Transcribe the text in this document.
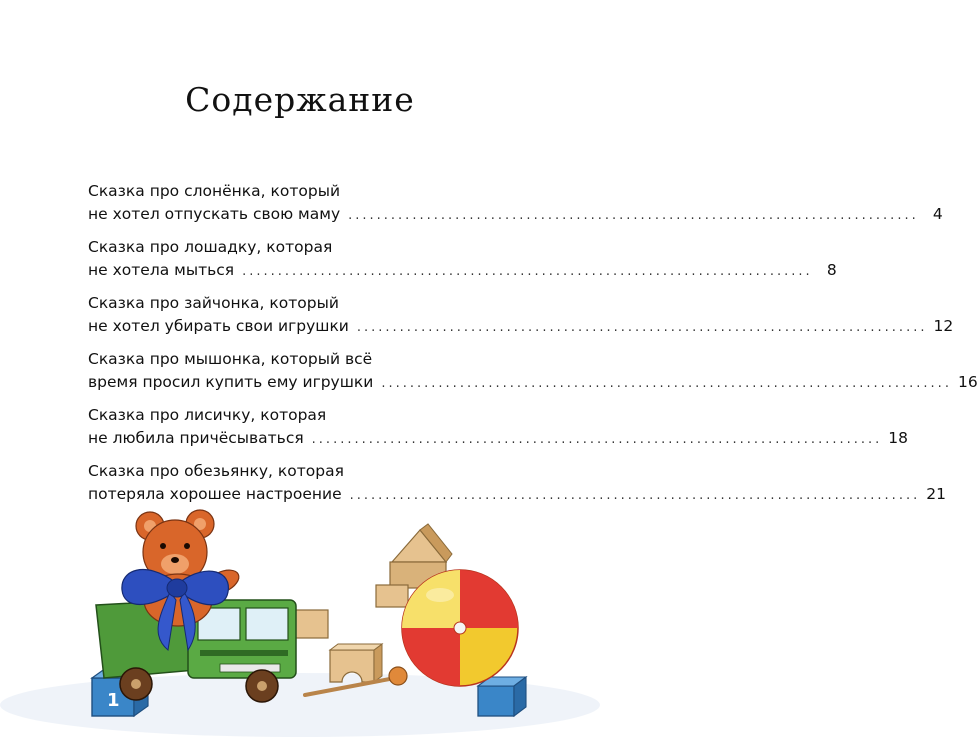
Содержание
Сказка про слонёнка, который
не хотел отпускать свою маму ................................................................................ 4
Сказка про лошадку, которая
не хотела мыться ................................................................................ 8
Сказка про зайчонка, который
не хотел убирать свои игрушки ................................................................................ 12
Сказка про мышонка, который всё
время просил купить ему игрушки ................................................................................ 16
Сказка про лисичку, которая
не любила причёсываться ................................................................................ 18
Сказка про обезьянку, которая
потеряла хорошее настроение ................................................................................ 21
1
